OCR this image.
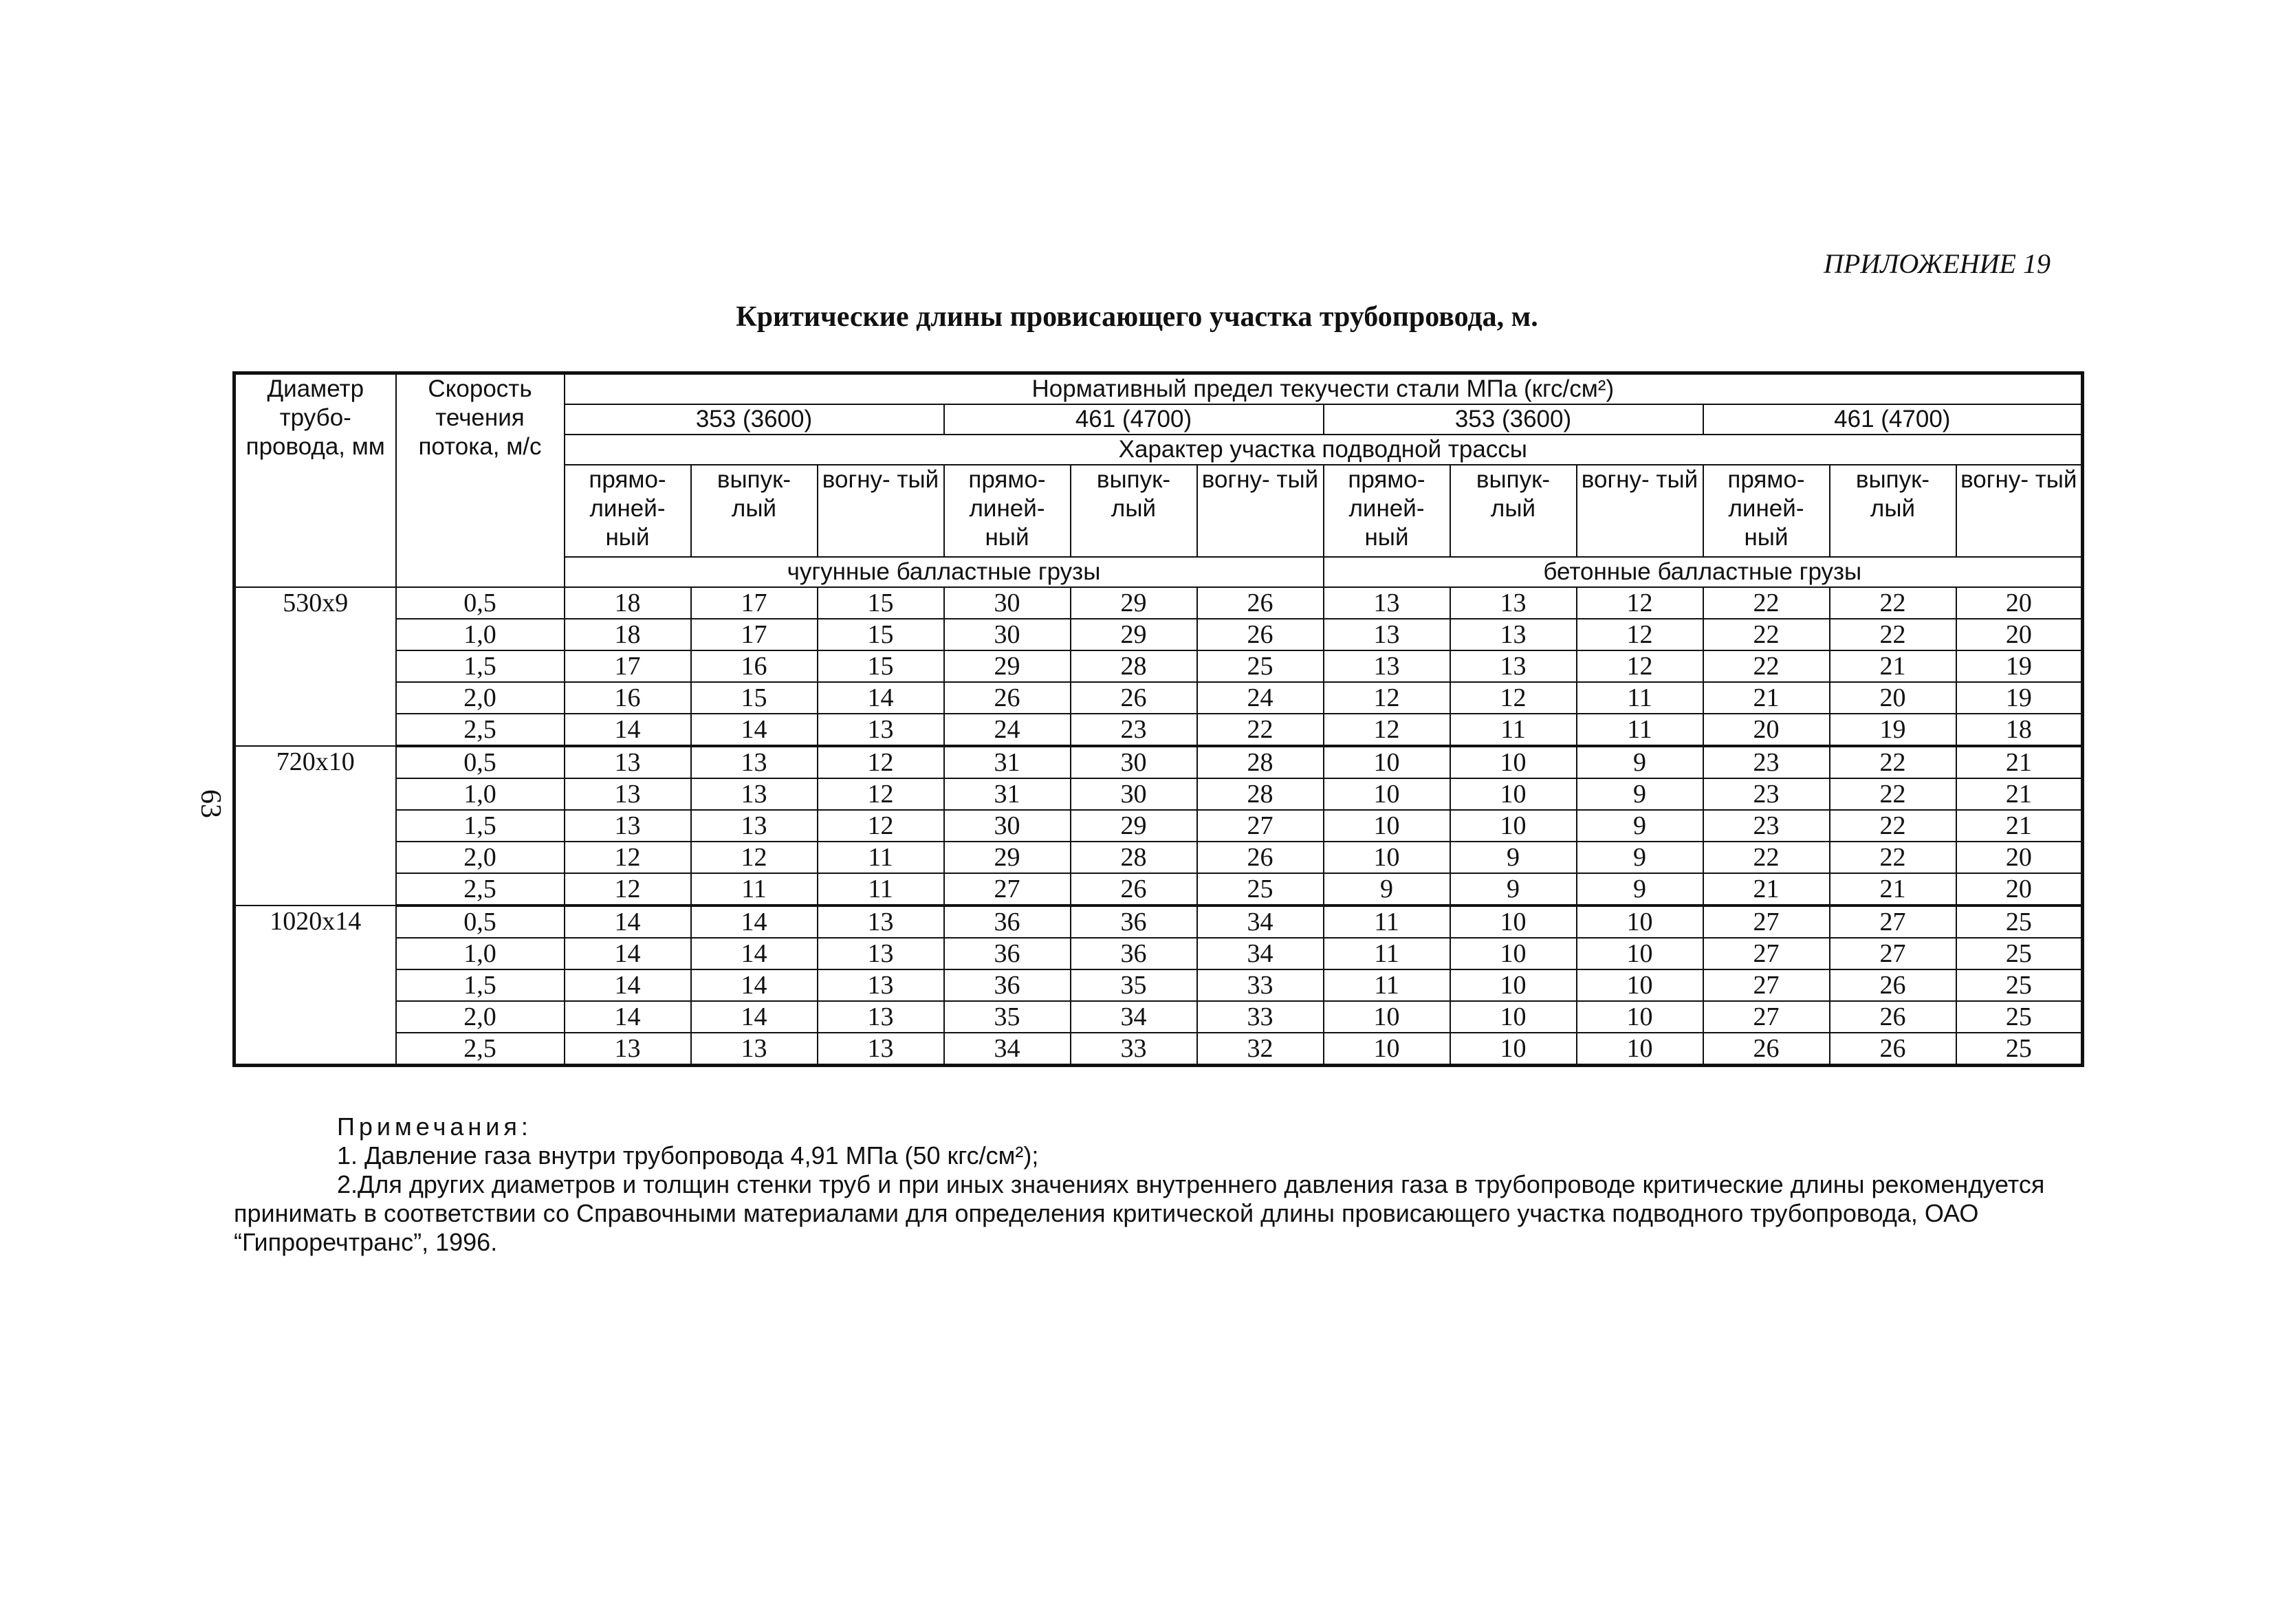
ПРИЛОЖЕНИЕ 19
Критические длины провисающего участка трубопровода, м.
63
Диаметр трубо- провода, мм	Скорость течения потока, м/с	Нормативный предел текучести стали МПа (кгс/см²)											
		353 (3600)			461 (4700)			353 (3600)			461 (4700)		
		Характер участка подводной трассы											
		прямо- линей- ный	выпук- лый	вогну- тый	прямо- линей- ный	выпук- лый	вогну- тый	прямо- линей- ный	выпук- лый	вогну- тый	прямо- линей- ный	выпук- лый	вогну- тый
		чугунные балластные грузы						бетонные балластные грузы					
530x9	0,5	18	17	15	30	29	26	13	13	12	22	22	20
	1,0	18	17	15	30	29	26	13	13	12	22	22	20
	1,5	17	16	15	29	28	25	13	13	12	22	21	19
	2,0	16	15	14	26	26	24	12	12	11	21	20	19
	2,5	14	14	13	24	23	22	12	11	11	20	19	18
720x10	0,5	13	13	12	31	30	28	10	10	9	23	22	21
	1,0	13	13	12	31	30	28	10	10	9	23	22	21
	1,5	13	13	12	30	29	27	10	10	9	23	22	21
	2,0	12	12	11	29	28	26	10	9	9	22	22	20
	2,5	12	11	11	27	26	25	9	9	9	21	21	20
1020x14	0,5	14	14	13	36	36	34	11	10	10	27	27	25
	1,0	14	14	13	36	36	34	11	10	10	27	27	25
	1,5	14	14	13	36	35	33	11	10	10	27	26	25
	2,0	14	14	13	35	34	33	10	10	10	27	26	25
	2,5	13	13	13	34	33	32	10	10	10	26	26	25
Примечания:
1. Давление газа внутри трубопровода 4,91 МПа (50 кгс/см²);
2.Для других диаметров и толщин стенки труб и при иных значениях внутреннего давления газа в трубопроводе критические длины рекомендуется принимать в соответствии со Справочными материалами для определения критической длины провисающего участка подводного трубопровода, ОАО “Гипроречтранс”, 1996.
